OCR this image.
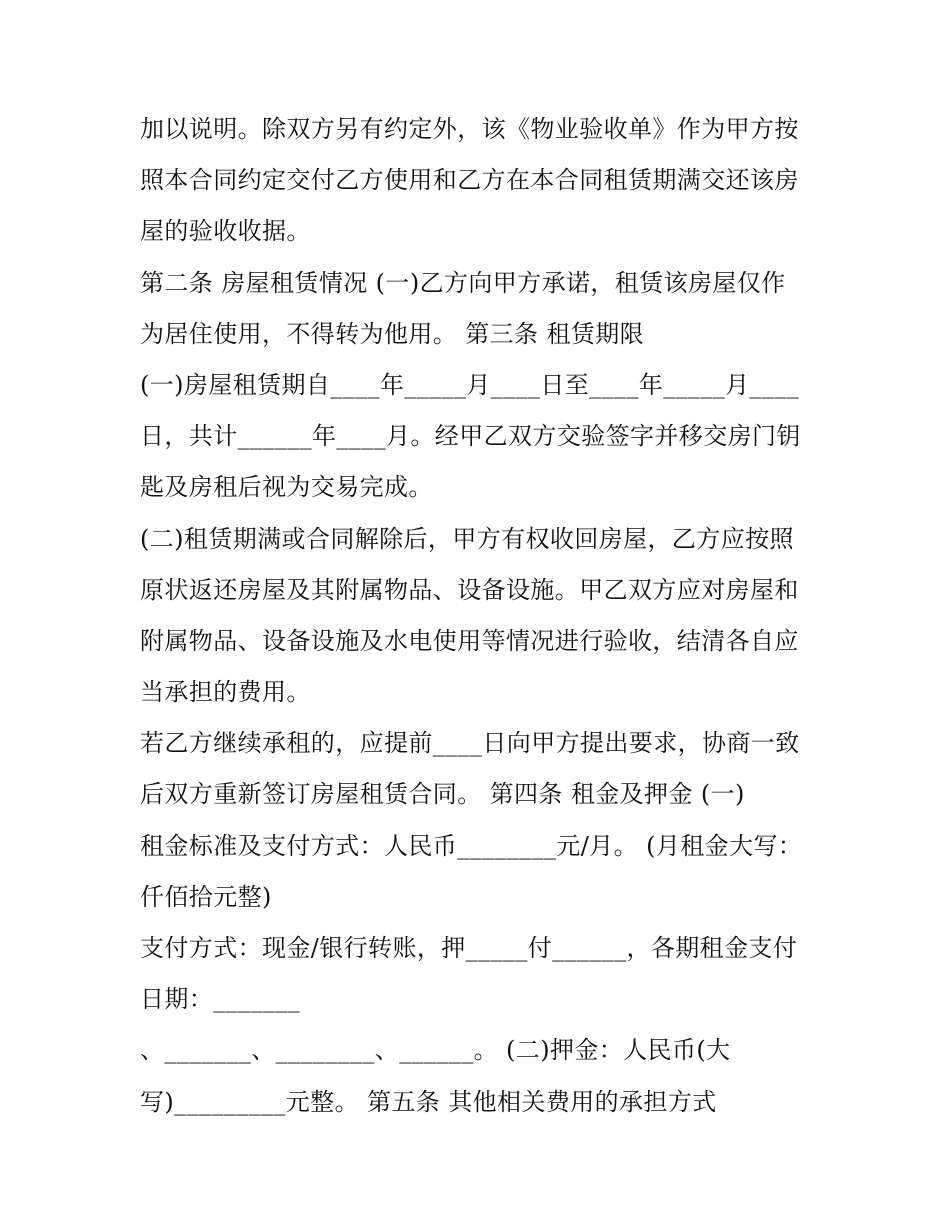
加以说明。除双方另有约定外，该《物业验收单》作为甲方按
照本合同约定交付乙方使用和乙方在本合同租赁期满交还该房
屋的验收收据。
第二条 房屋租赁情况 (一)乙方向甲方承诺，租赁该房屋仅作
为居住使用，不得转为他用。 第三条 租赁期限
(一)房屋租赁期自____年_____月____日至____年_____月____
日，共计______年____月。经甲乙双方交验签字并移交房门钥
匙及房租后视为交易完成。
(二)租赁期满或合同解除后，甲方有权收回房屋，乙方应按照
原状返还房屋及其附属物品、设备设施。甲乙双方应对房屋和
附属物品、设备设施及水电使用等情况进行验收，结清各自应
当承担的费用。
若乙方继续承租的，应提前____日向甲方提出要求，协商一致
后双方重新签订房屋租赁合同。 第四条 租金及押金 (一)
租金标准及支付方式：人民币________元/月。 (月租金大写：
仟佰拾元整)
支付方式：现金/银行转账，押_____付______，各期租金支付
日期：_______
、_______、________、______。 (二)押金：人民币(大
写)_________元整。 第五条 其他相关费用的承担方式
